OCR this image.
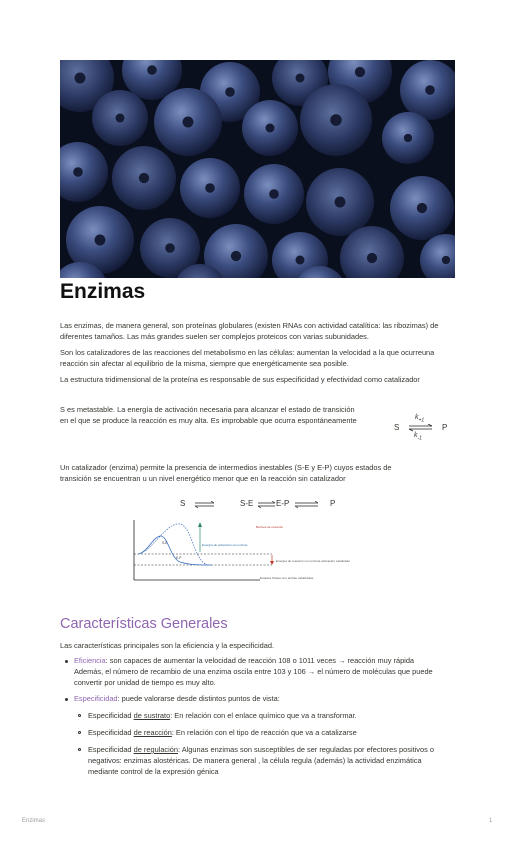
Enzimas
Las enzimas, de manera general, son proteínas globulares (existen RNAs con actividad catalítica: las ribozimas) de diferentes tamaños. Las más grandes suelen ser complejos proteicos con varias subunidades.
Son los catalizadores de las reacciones del metabolismo en las células: aumentan la velocidad a la que ocurreuna reacción sin afectar al equilibrio de la misma, siempre que energéticamente sea posible.
La estructura tridimensional de la proteína es responsable de sus especificidad y efectividad como catalizador
S es metastable. La energía de activación necesaria para alcanzar el estado de transición en el que se produce la reacción es muy alta. Es improbable que ocurra espontáneamente
S
$k_{+1}$
$k_{-1}$
P
Un catalizador (enzima) permite la presencia de intermedios inestables (S-E y E-P) cuyos estados de transición se encuentran u un nivel energético menor que en la reacción sin catalizador
S	S-E	E-P	P
S-E
E-P
Barrera de reacción
Energía de activación sin enzima
Energía de reacción con enzima activación catalizada
Estados finales con ambas catalizadas
Características Generales
Las características principales son la eficiencia y la especificidad.
Eficiencia: son capaces de aumentar la velocidad de reacción 108 o 1011 veces → reacción muy rápida
Además, el número de recambio de una enzima oscila entre 103 y 106 → el número de moléculas que puede convertir por unidad de tiempo es muy alto.
Especificidad: puede valorarse desde distintos puntos de vista:
Especificidad de sustrato: En relación con el enlace químico que va a transformar.
Especificidad de reacción: En relación con el tipo de reacción que va a catalizarse
Especificidad de regulación: Algunas enzimas son susceptibles de ser reguladas por efectores positivos o negativos: enzimas alostéricas. De manera general , la célula regula (además) la actividad enzimática mediante control de la expresión génica
Enzimas	1
